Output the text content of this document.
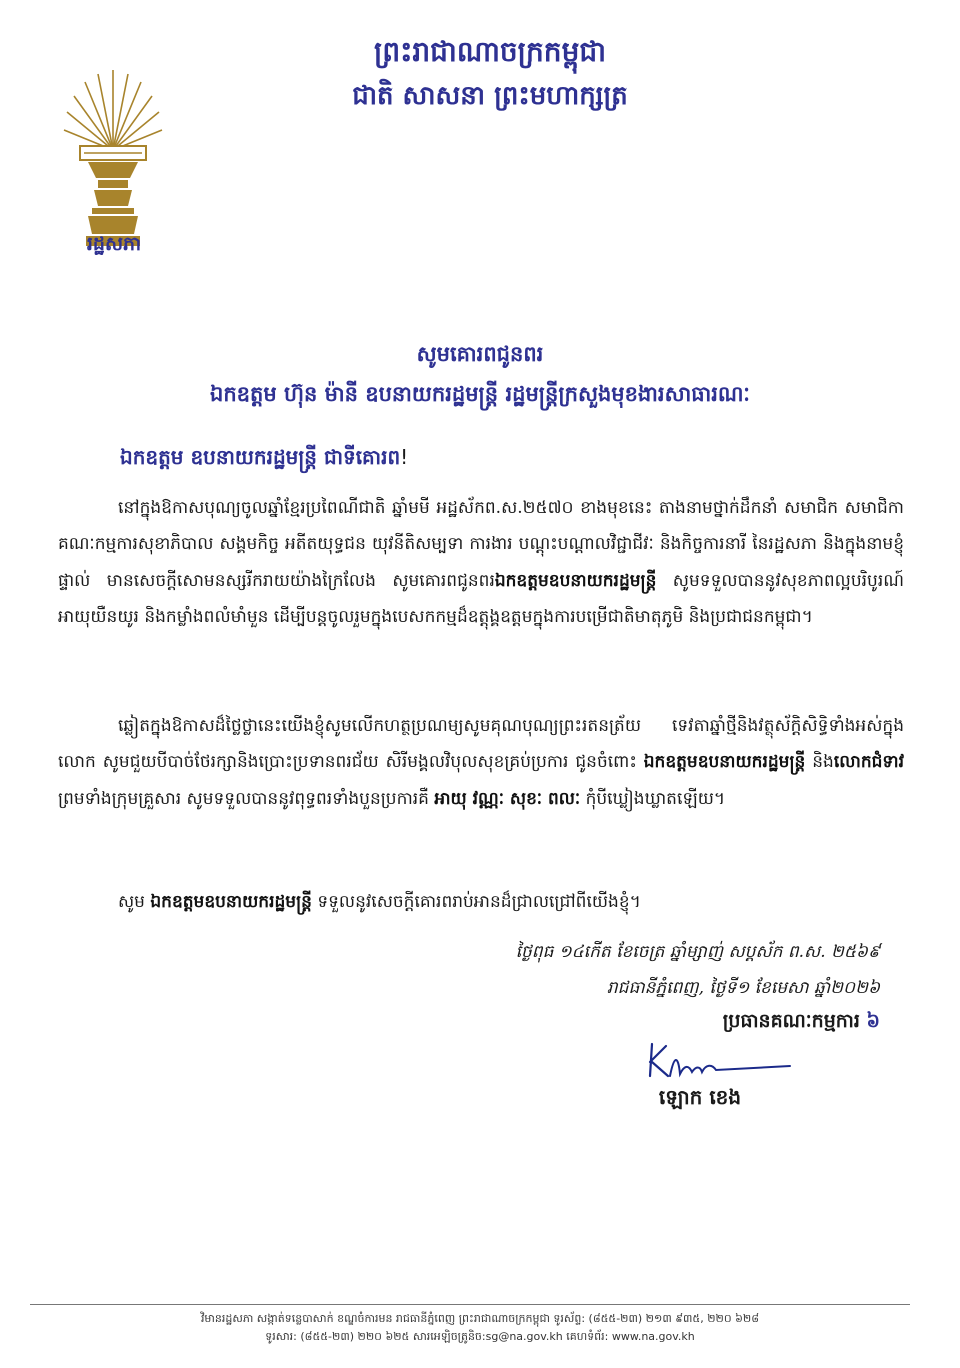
រដ្ឋសភា
ព្រះរាជាណាចក្រកម្ពុជា
ជាតិ សាសនា ព្រះមហាក្សត្រ
សូមគោរពជូនពរ
ឯកឧត្តម ហ៊ុន ម៉ានី ឧបនាយករដ្ឋមន្ត្រី រដ្ឋមន្ត្រីក្រសួងមុខងារសាធារណៈ
ឯកឧត្តម ឧបនាយករដ្ឋមន្ត្រី ជាទីគោរព!
នៅក្នុងឱកាសបុណ្យចូលឆ្នាំខ្មែរប្រពៃណីជាតិ ឆ្នាំមមី អដ្ឋស័កព.ស.២៥៧០ ខាងមុខនេះ តាងនាមថ្នាក់ដឹកនាំ សមាជិក សមាជិកាគណៈកម្មការសុខាភិបាល សង្គមកិច្ច អតីតយុទ្ធជន យុវនីតិសម្បទា ការងារ បណ្តុះបណ្តាលវិជ្ជាជីវៈ និងកិច្ចការនារី នៃរដ្ឋសភា និងក្នុងនាមខ្ញុំផ្ទាល់ មានសេចក្តីសោមនស្សរីករាយយ៉ាងក្រៃលែង សូមគោរពជូនពរឯកឧត្តមឧបនាយករដ្ឋមន្ត្រី សូមទទួលបាននូវសុខភាពល្អបរិបូរណ៍អាយុយឺនយូរ និងកម្លាំងពលំមាំមួន ដើម្បីបន្តចូលរួមក្នុងបេសកកម្មដ៏ឧត្តុង្គឧត្តមក្នុងការបម្រើជាតិមាតុភូមិ និងប្រជាជនកម្ពុជា។
ឆ្លៀតក្នុងឱកាសដ៏ថ្លៃថ្លានេះយើងខ្ញុំសូមលើកហត្ថប្រណម្យសូមគុណបុណ្យព្រះរតនត្រ័យ ទេវតាឆ្នាំថ្មីនិងវត្ថុស័ក្តិសិទ្ធិទាំងអស់ក្នុងលោក សូមជួយបីបាច់ថែរក្សានិងប្រោះប្រទានពរជ័យ សិរីមង្គលវិបុលសុខគ្រប់ប្រការ ជូនចំពោះ ឯកឧត្តមឧបនាយករដ្ឋមន្ត្រី និងលោកជំទាវ ព្រមទាំងក្រុមគ្រួសារ សូមទទួលបាននូវពុទ្ធពរទាំងបួនប្រការគឺ អាយុ វណ្ណៈ សុខៈ ពលៈ កុំបីឃ្លៀងឃ្លាតឡើយ។
សូម ឯកឧត្តមឧបនាយករដ្ឋមន្ត្រី ទទួលនូវសេចក្តីគោរពរាប់អានដ៏ជ្រាលជ្រៅពីយើងខ្ញុំ។
ថ្ងៃពុធ ១៤កើត ខែចេត្រ ឆ្នាំម្សាញ់ សប្តស័ក ព.ស. ២៥៦៩
រាជធានីភ្នំពេញ, ថ្ងៃទី១ ខែមេសា ឆ្នាំ២០២៦
ប្រធានគណៈកម្មការ ៦
ឡោក ខេង
វិមានរដ្ឋសភា សង្កាត់ទន្លេបាសាក់ ខណ្ឌចំការមន រាជធានីភ្នំពេញ ព្រះរាជាណាចក្រកម្ពុជា ទូរស័ព្ទ: (៨៥៥-២៣) ២១៣ ៩៣៥, ២២០ ៦២៨
ទូរសារ: (៨៥៥-២៣) ២២០ ៦២៥ សារអេឡិចត្រូនិច:sg@na.gov.kh គេហទំព័រ: www.na.gov.kh
